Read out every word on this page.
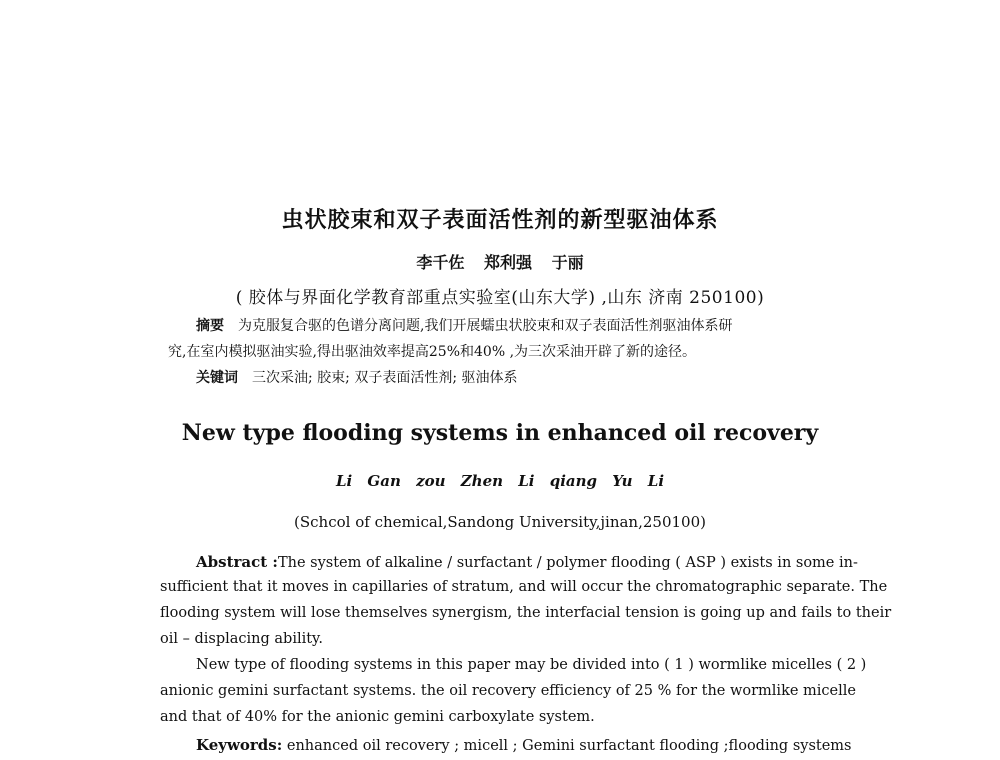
虫状胶束和双子表面活性剂的新型驱油体系
李千佐 郑利强 于丽
( 胶体与界面化学教育部重点实验室(山东大学) ,山东 济南 250100)
摘要 为克服复合驱的色谱分离问题,我们开展蠕虫状胶束和双子表面活性剂驱油体系研
究,在室内模拟驱油实验,得出驱油效率提高25%和40% ,为三次采油开辟了新的途径。
关键词 三次采油; 胶束; 双子表面活性剂; 驱油体系
New type flooding systems in enhanced oil recovery
Li Gan zou Zhen Li qiang Yu Li
(Schcol of chemical,Sandong University,jinan,250100)
Abstract :The system of alkaline / surfactant / polymer flooding ( ASP ) exists in some in-
sufficient that it moves in capillaries of stratum, and will occur the chromatographic separate. The
flooding system will lose themselves synergism, the interfacial tension is going up and fails to their
oil – displacing ability.
New type of flooding systems in this paper may be divided into ( 1 ) wormlike micelles ( 2 )
anionic gemini surfactant systems. the oil recovery efficiency of 25 % for the wormlike micelle
and that of 40% for the anionic gemini carboxylate system.
Keywords: enhanced oil recovery ; micell ; Gemini surfactant flooding ;flooding systems
